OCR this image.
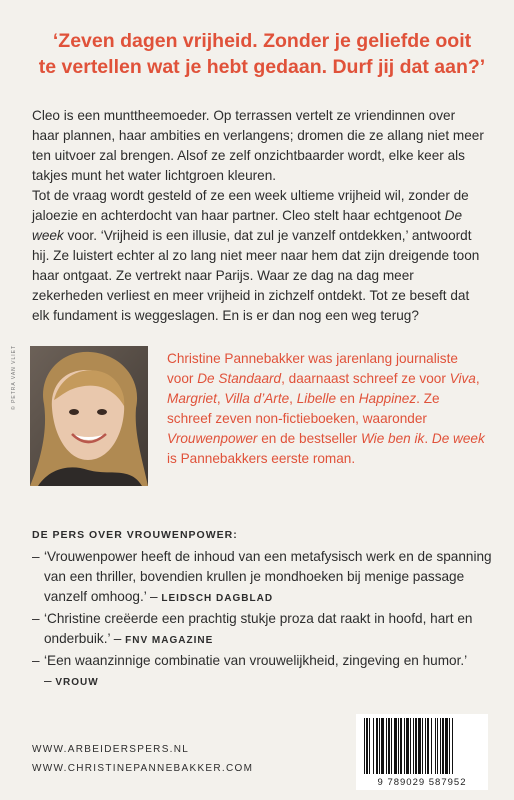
‘Zeven dagen vrijheid. Zonder je geliefde ooit
te vertellen wat je hebt gedaan. Durf jij dat aan?’

Cleo is een munttheemoeder. Op terrassen vertelt ze vriendinnen over haar plannen, haar ambities en verlangens; dromen die ze allang niet meer ten uitvoer zal brengen. Alsof ze zelf onzichtbaarder wordt, elke keer als takjes munt het water lichtgroen kleuren.

Tot de vraag wordt gesteld of ze een week ultieme vrijheid wil, zonder de jaloezie en achterdocht van haar partner. Cleo stelt haar echtgenoot De week voor. ‘Vrijheid is een illusie, dat zul je vanzelf ontdekken,’ antwoordt hij. Ze luistert echter al zo lang niet meer naar hem dat zijn dreigende toon haar ontgaat. Ze vertrekt naar Parijs. Waar ze dag na dag meer zekerheden verliest en meer vrijheid in zichzelf ontdekt. Tot ze beseft dat elk fundament is weggeslagen. En is er dan nog een weg terug?

© PETRA VAN VLIET	Christine Pannebakker was jarenlang journaliste voor De Standaard, daarnaast schreef ze voor Viva, Margriet, Villa d’Arte, Libelle en Happinez. Ze schreef zeven non-fictieboeken, waaronder Vrouwenpower en de bestseller Wie ben ik. De week is Pannebakkers eerste roman.
DE PERS OVER VROUWENPOWER:
– ‘Vrouwenpower heeft de inhoud van een metafysisch werk en de spanning van een thriller, bovendien krullen je mondhoeken bij menige passage vanzelf omhoog.’ – LEIDSCH DAGBLAD
– ‘Christine creëerde een prachtig stukje proza dat raakt in hoofd, hart en onderbuik.’ – FNV MAGAZINE
– ‘Een waanzinnige combinatie van vrouwelijkheid, zingeving en humor.’
– VROUW
WWW.ARBEIDERSPERS.NL
WWW.CHRISTINEPANNEBAKKER.COM
9 789029 587952
